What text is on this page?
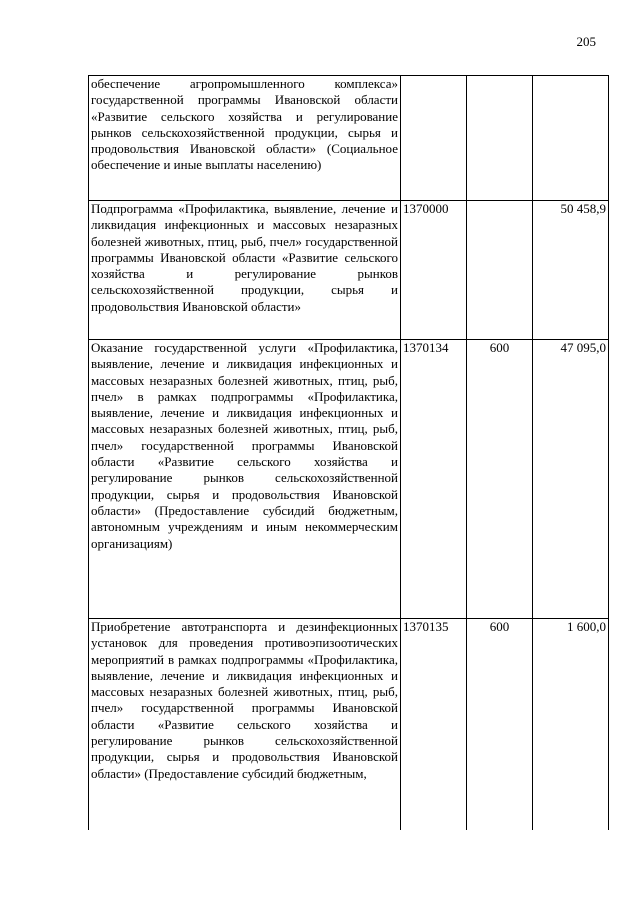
205
обеспечение агропромышленного комплекса» государственной программы Ивановской области «Развитие сельского хозяйства и регулирование рынков сельскохозяйственной продукции, сырья и продовольствия Ивановской области» (Социальное обеспечение и иные выплаты населению)			
Подпрограмма «Профилактика, выявление, лечение и ликвидация инфекционных и массовых незаразных болезней животных, птиц, рыб, пчел» государственной программы Ивановской области «Развитие сельского хозяйства и регулирование рынков сельскохозяйственной продукции, сырья и продовольствия Ивановской области»	1370000		50 458,9
Оказание государственной услуги «Профилактика, выявление, лечение и ликвидация инфекционных и массовых незаразных болезней животных, птиц, рыб, пчел» в рамках подпрограммы «Профилактика, выявление, лечение и ликвидация инфекционных и массовых незаразных болезней животных, птиц, рыб, пчел» государственной программы Ивановской области «Развитие сельского хозяйства и регулирование рынков сельскохозяйственной продукции, сырья и продовольствия Ивановской области» (Предоставление субсидий бюджетным, автономным учреждениям и иным некоммерческим организациям)	1370134	600	47 095,0
Приобретение автотранспорта и дезинфекционных установок для проведения противоэпизоотических мероприятий в рамках подпрограммы «Профилактика, выявление, лечение и ликвидация инфекционных и массовых незаразных болезней животных, птиц, рыб, пчел» государственной программы Ивановской области «Развитие сельского хозяйства и регулирование рынков сельскохозяйственной продукции, сырья и продовольствия Ивановской области» (Предоставление субсидий бюджетным,	1370135	600	1 600,0
